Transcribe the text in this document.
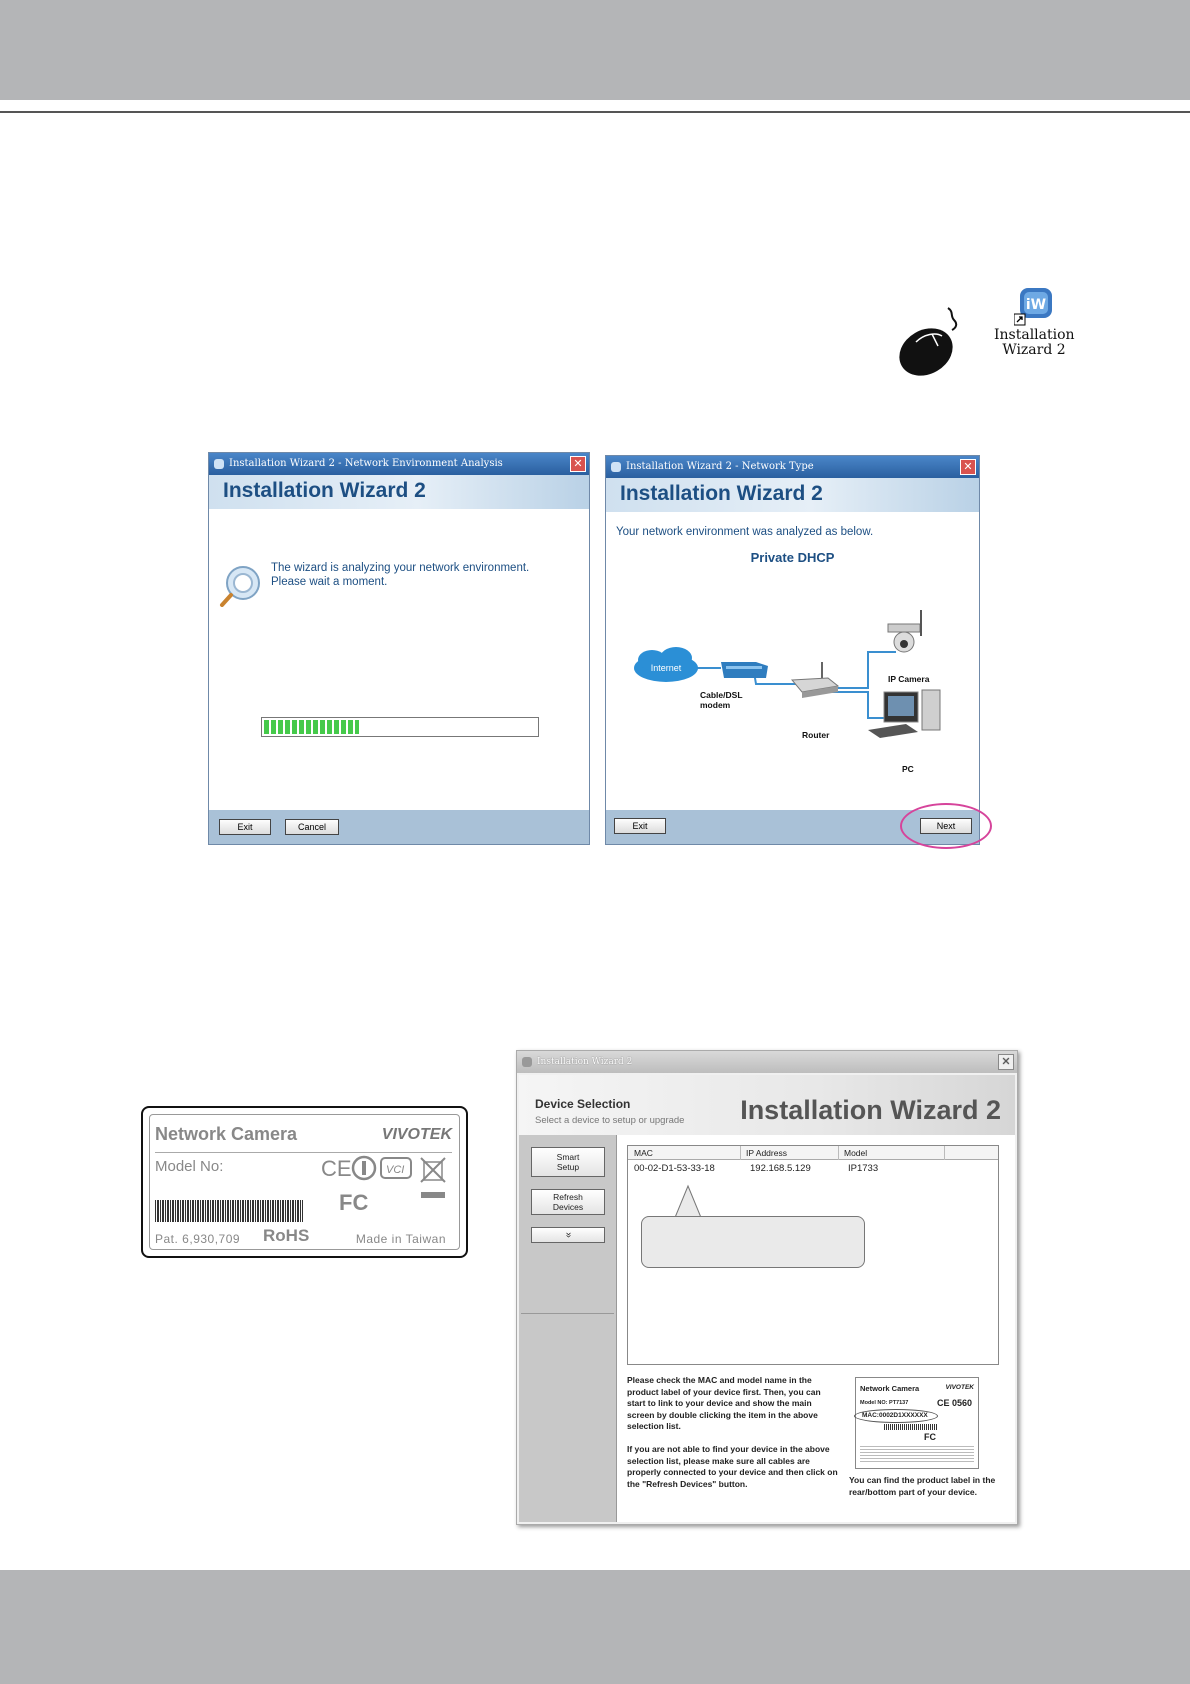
iW
Installation
Wizard 2
Installation Wizard 2 - Network Environment Analysis	✕
Installation Wizard 2
The wizard is analyzing your network environment.
Please wait a moment.
Exit	Cancel
Installation Wizard 2 - Network Type	✕
Installation Wizard 2
Your network environment was analyzed as below.
Private DHCP
Internet
Cable/DSL
modem
Router
IP Camera
PC
Exit	Next
Network Camera	VIVOTEK
Model No:	CE	VCI
FC
Pat. 6,930,709 RoHS	Made in Taiwan
Installation Wizard 2	✕
Device Selection
Select a device to setup or upgrade Installation Wizard 2
Smart
Setup
Refresh
Devices
»
MAC	IP Address	Model
00-02-D1-53-33-18	192.168.5.129	IP1733

Please check the MAC and model name in the product label of your device first. Then, you can start to link to your device and show the main screen by double clicking the item in the above selection list.

If you are not able to find your device in the above selection list, please make sure all cables are properly connected to your device and then click on the "Refresh Devices" button.

Network Camera	VIVOTEK
Model NO: PT7137	CE 0560
MAC:0002D1XXXXXX
FC
You can find the product label in the rear/bottom part of your device.
